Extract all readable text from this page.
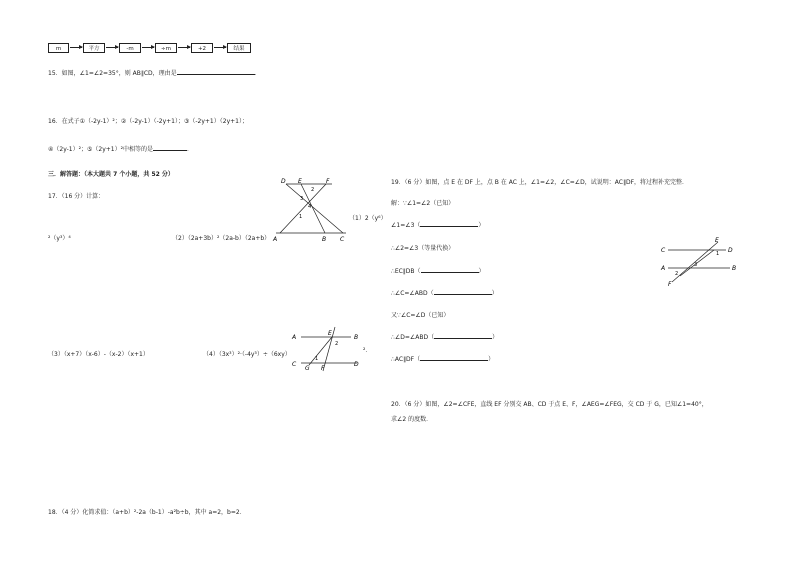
m	平方	-m	÷m	+2	结果
15．如图，∠1=∠2=35°，则 AB∥CD，理由是	．
16．在式子①（-2y-1）²；②（-2y-1）（-2y+1）；③（-2y+1）（2y+1）；
④（2y-1）²；⑤（2y+1）²中相等的是	．
三．解答题：（本大题共 7 个小题，共 52 分）
17．（16 分）计算：
（1）2（y⁶）
²（y³）⁴	（2）（2a+3b）²（2a-b）（2a+b）
（3）（x+7）（x-6）-（x-2）（x+1）	（4）（3x³）²·（-4y³）÷（6xy）
²．
D E	F
A	B C
1
2
3
4
A
E
B
C
G F
D
1
2
18．（4 分）化简求值：（a+b）²-2a（b-1）-a²b÷b，其中 a=2，b=2．
19．（6 分）如图，点 E 在 DF 上，点 B 在 AC 上，∠1=∠2，∠C=∠D，试说明：AC∥DF，将过程补充完整．
解：∵∠1=∠2（已知）
∠1=∠3（	）
∴∠2=∠3（等量代换）
∴EC∥DB（	）
∴∠C=∠ABD（	）
又∵∠C=∠D（已知）
∴∠D=∠ABD（	）
∴AC∥DF（	）
C
E
D
A	B
F
1
2
3
20．（6 分）如图，∠2=∠CFE，直线 EF 分别交 AB、CD 于点 E、F，∠AEG=∠FEG，交 CD 于 G，已知∠1=40°，
求∠2 的度数．
